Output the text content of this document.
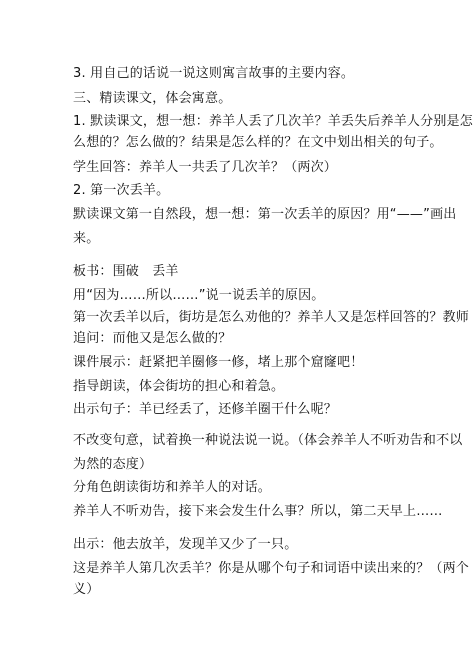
3. 用自己的话说一说这则寓言故事的主要内容。
三、精读课文，体会寓意。
1. 默读课文，想一想：养羊人丢了几次羊？羊丢失后养羊人分别是怎
么想的？怎么做的？结果是怎么样的？在文中划出相关的句子。
学生回答：养羊人一共丢了几次羊？（两次）
2. 第一次丢羊。
默读课文第一自然段，想一想：第一次丢羊的原因？用“——”画出
来。
板书：围破　丢羊
用“因为……所以……”说一说丢羊的原因。
第一次丢羊以后，街坊是怎么劝他的？养羊人又是怎样回答的？教师
追问：而他又是怎么做的？
课件展示：赶紧把羊圈修一修，堵上那个窟窿吧！
指导朗读，体会街坊的担心和着急。
出示句子：羊已经丢了，还修羊圈干什么呢？
不改变句意，试着换一种说法说一说。（体会养羊人不听劝告和不以
为然的态度）
分角色朗读街坊和养羊人的对话。
养羊人不听劝告，接下来会发生什么事？所以，第二天早上……
出示：他去放羊，发现羊又少了一只。
这是养羊人第几次丢羊？你是从哪个句子和词语中读出来的？（两个
义）
